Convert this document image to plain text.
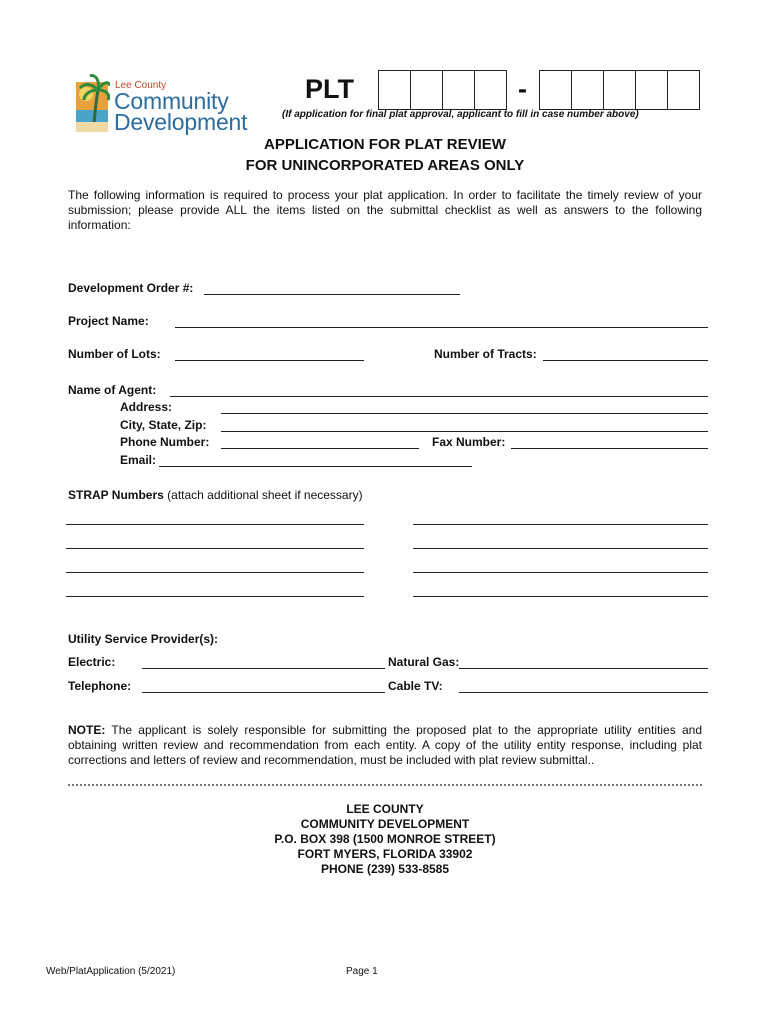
Lee County
Community
Development
PLT	-
(If application for final plat approval, applicant to fill in case number above)
APPLICATION FOR PLAT REVIEW
FOR UNINCORPORATED AREAS ONLY
The following information is required to process your plat application. In order to facilitate the timely review of your submission; please provide ALL the items listed on the submittal checklist as well as answers to the following information:
Development Order #:
Project Name:
Number of Lots:	Number of Tracts:
Name of Agent:
Address:
City, State, Zip:
Phone Number:	Fax Number:
Email:
STRAP Numbers (attach additional sheet if necessary)
Utility Service Provider(s):
Electric:	Natural Gas:
Telephone:	Cable TV:
NOTE: The applicant is solely responsible for submitting the proposed plat to the appropriate utility entities and obtaining written review and recommendation from each entity. A copy of the utility entity response, including plat corrections and letters of review and recommendation, must be included with plat review submittal..
LEE COUNTY
COMMUNITY DEVELOPMENT
P.O. BOX 398 (1500 MONROE STREET)
FORT MYERS, FLORIDA 33902
PHONE (239) 533-8585
Web/PlatApplication (5/2021)	Page 1
